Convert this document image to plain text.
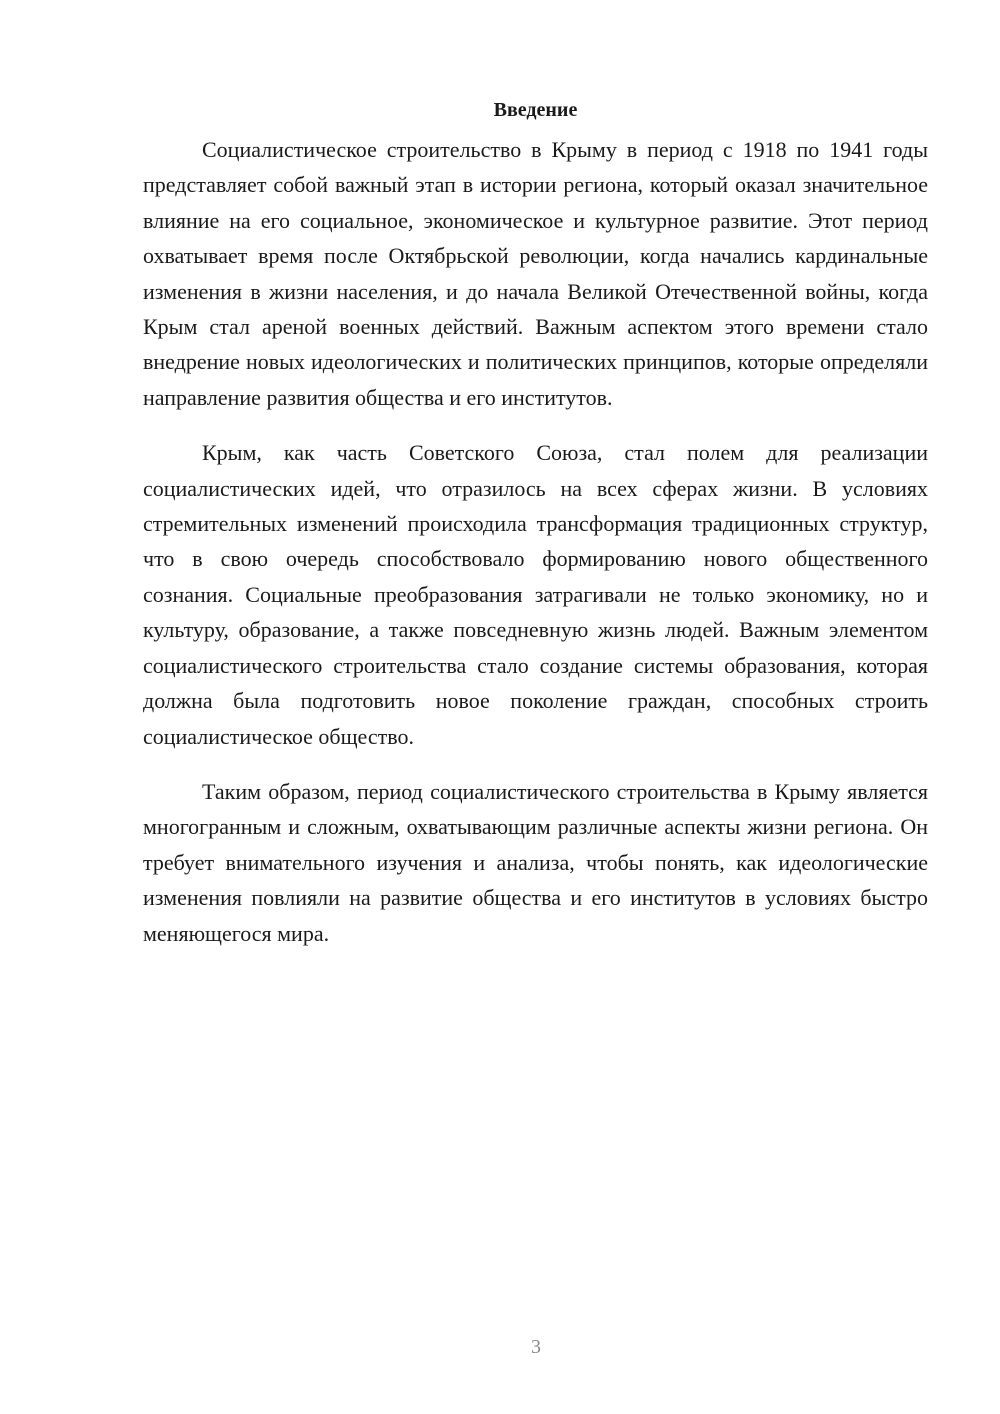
Введение

Социалистическое строительство в Крыму в период с 1918 по 1941 годы представляет собой важный этап в истории региона, который оказал значительное влияние на его социальное, экономическое и культурное развитие. Этот период охватывает время после Октябрьской революции, когда начались кардинальные изменения в жизни населения, и до начала Великой Отечественной войны, когда Крым стал ареной военных действий. Важным аспектом этого времени стало внедрение новых идеологических и политических принципов, которые определяли направление развития общества и его институтов.

Крым, как часть Советского Союза, стал полем для реализации социалистических идей, что отразилось на всех сферах жизни. В условиях стремительных изменений происходила трансформация традиционных структур, что в свою очередь способствовало формированию нового общественного сознания. Социальные преобразования затрагивали не только экономику, но и культуру, образование, а также повседневную жизнь людей. Важным элементом социалистического строительства стало создание системы образования, которая должна была подготовить новое поколение граждан, способных строить социалистическое общество.

Таким образом, период социалистического строительства в Крыму является многогранным и сложным, охватывающим различные аспекты жизни региона. Он требует внимательного изучения и анализа, чтобы понять, как идеологические изменения повлияли на развитие общества и его институтов в условиях быстро меняющегося мира.

3
